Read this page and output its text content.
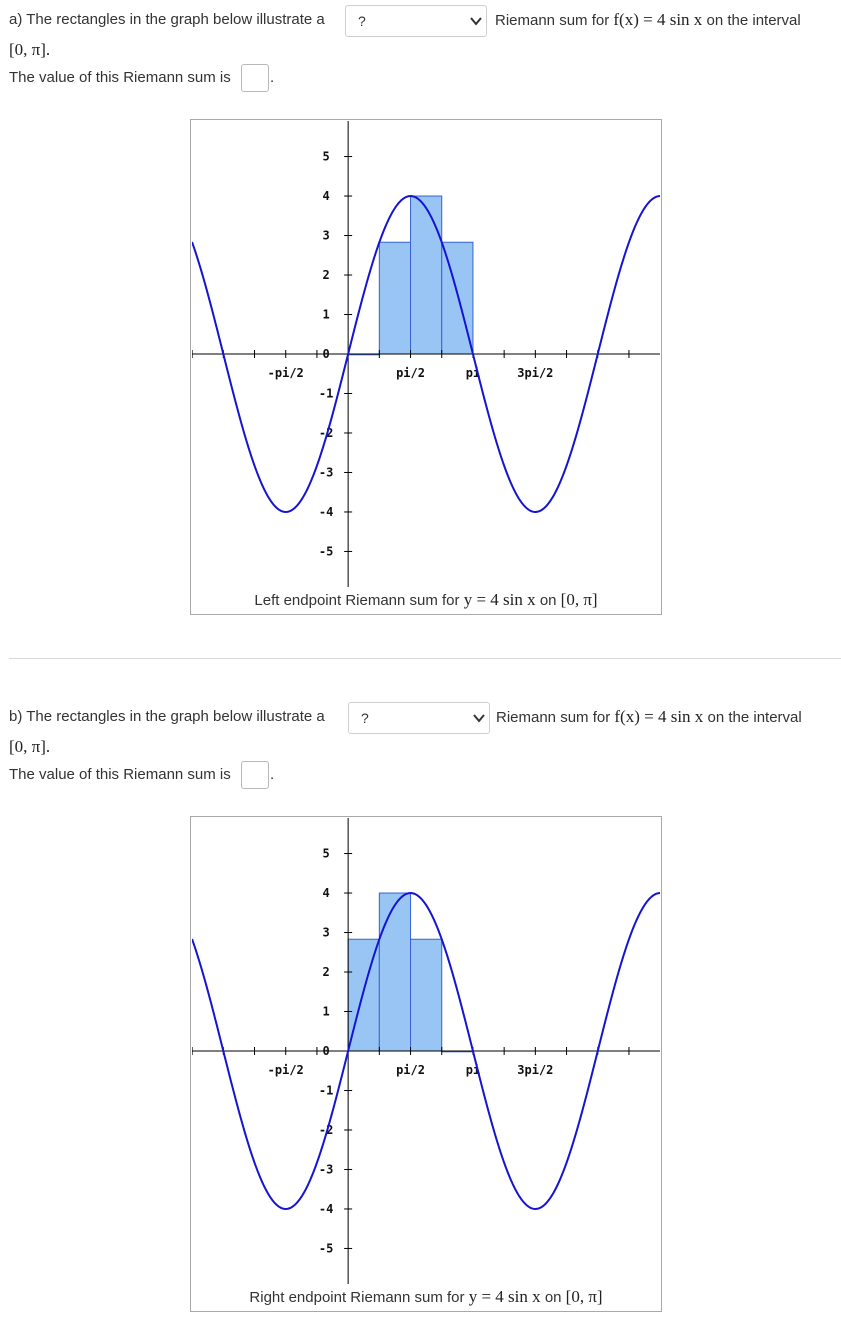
a) The rectangles in the graph below illustrate a ?	Riemann sum for f(x) = 4 sin x on the interval
[0, π].
The value of this Riemann sum is	.
-pi/2	pi/2	pi	3pi/2
5
4
3
2
1
0
-1
-2
-3
-4
-5
Left endpoint Riemann sum for y = 4 sin x on [0, π]
b) The rectangles in the graph below illustrate a	?	Riemann sum for f(x) = 4 sin x on the interval
[0, π].
The value of this Riemann sum is	.
-pi/2	pi/2	pi	3pi/2
5
4
3
2
1
0
-1
-2
-3
-4
-5
Right endpoint Riemann sum for y = 4 sin x on [0, π]
